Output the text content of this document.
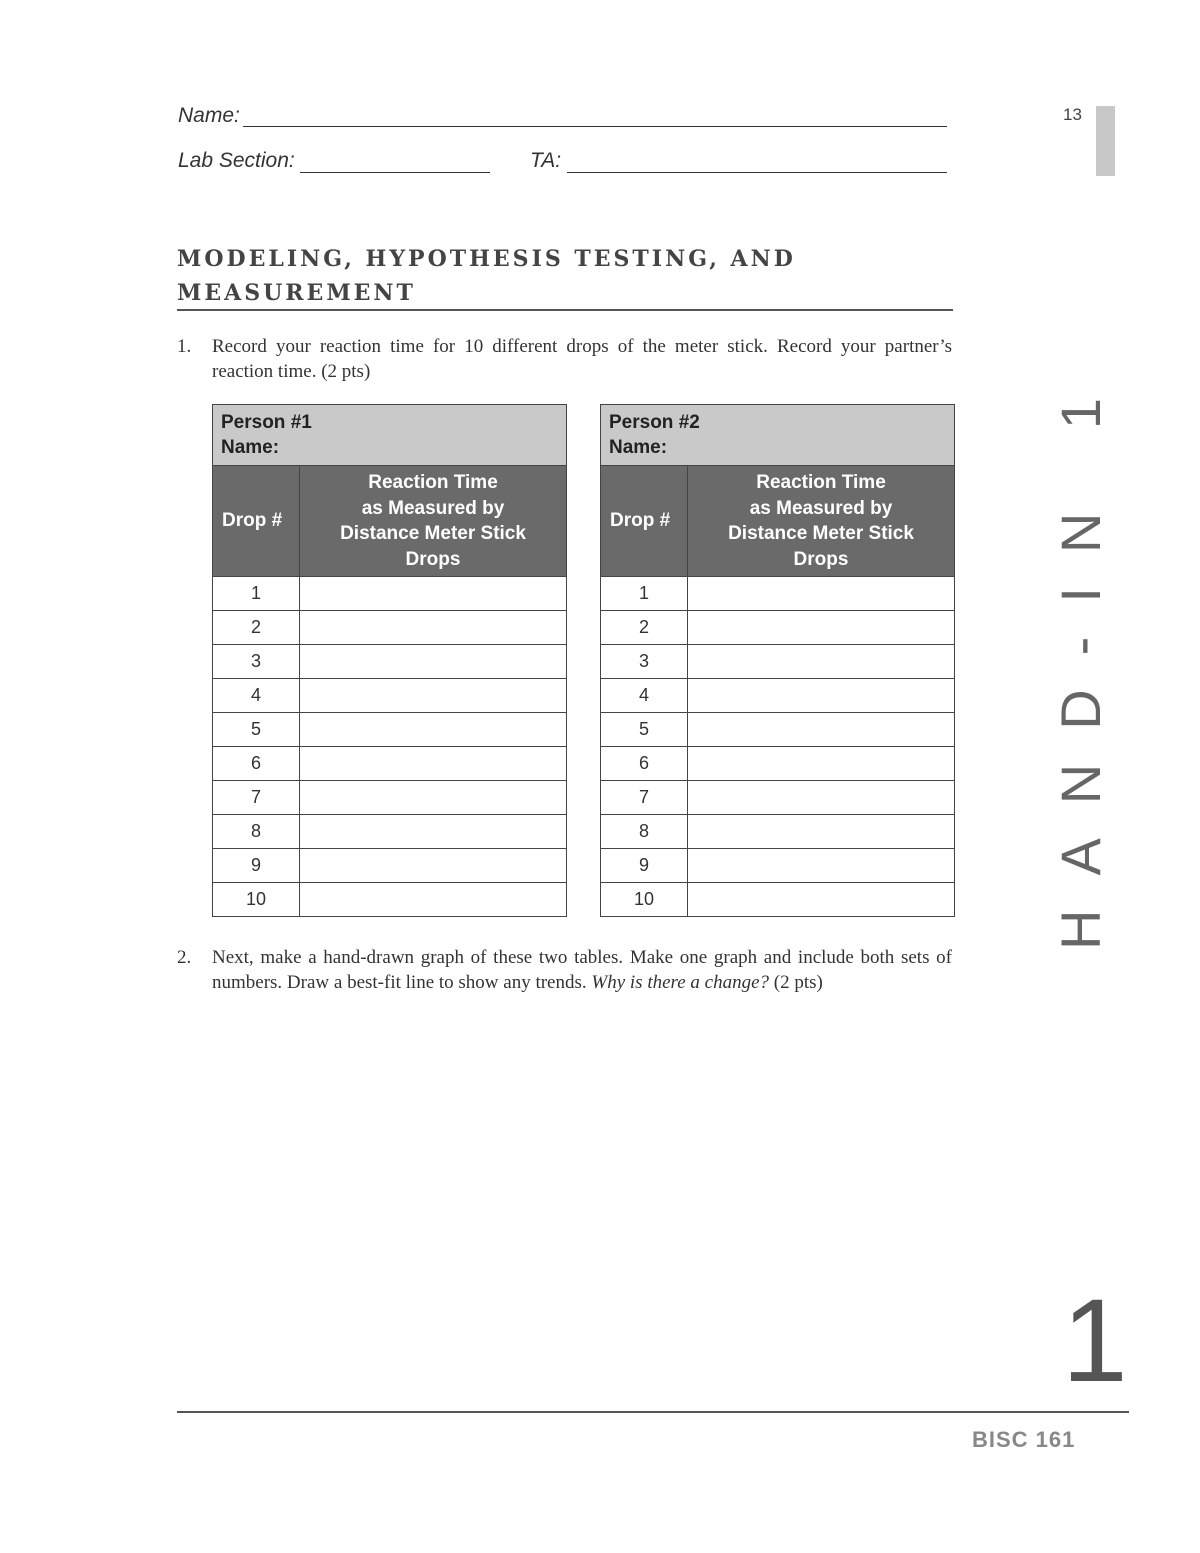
Name:
Lab Section:	TA:
13
MODELING, HYPOTHESIS TESTING, AND
MEASUREMENT
1. Record your reaction time for 10 different drops of the meter stick. Record your partner’s reaction time. (2 pts)
Person #1
Name:	

Drop #	Reaction Time
as Measured by
Distance Meter Stick
Drops

1	
2	
3	
4	
5	
6	
7	
8	
9	
10	
Person #2
Name:	

Drop #	Reaction Time
as Measured by
Distance Meter Stick
Drops

1	
2	
3	
4	
5	
6	
7	
8	
9	
10	
2. Next, make a hand-drawn graph of these two tables. Make one graph and include both sets of numbers. Draw a best-fit line to show any trends. Why is there a change? (2 pts)
HAND-IN 1
1
BISC 161
